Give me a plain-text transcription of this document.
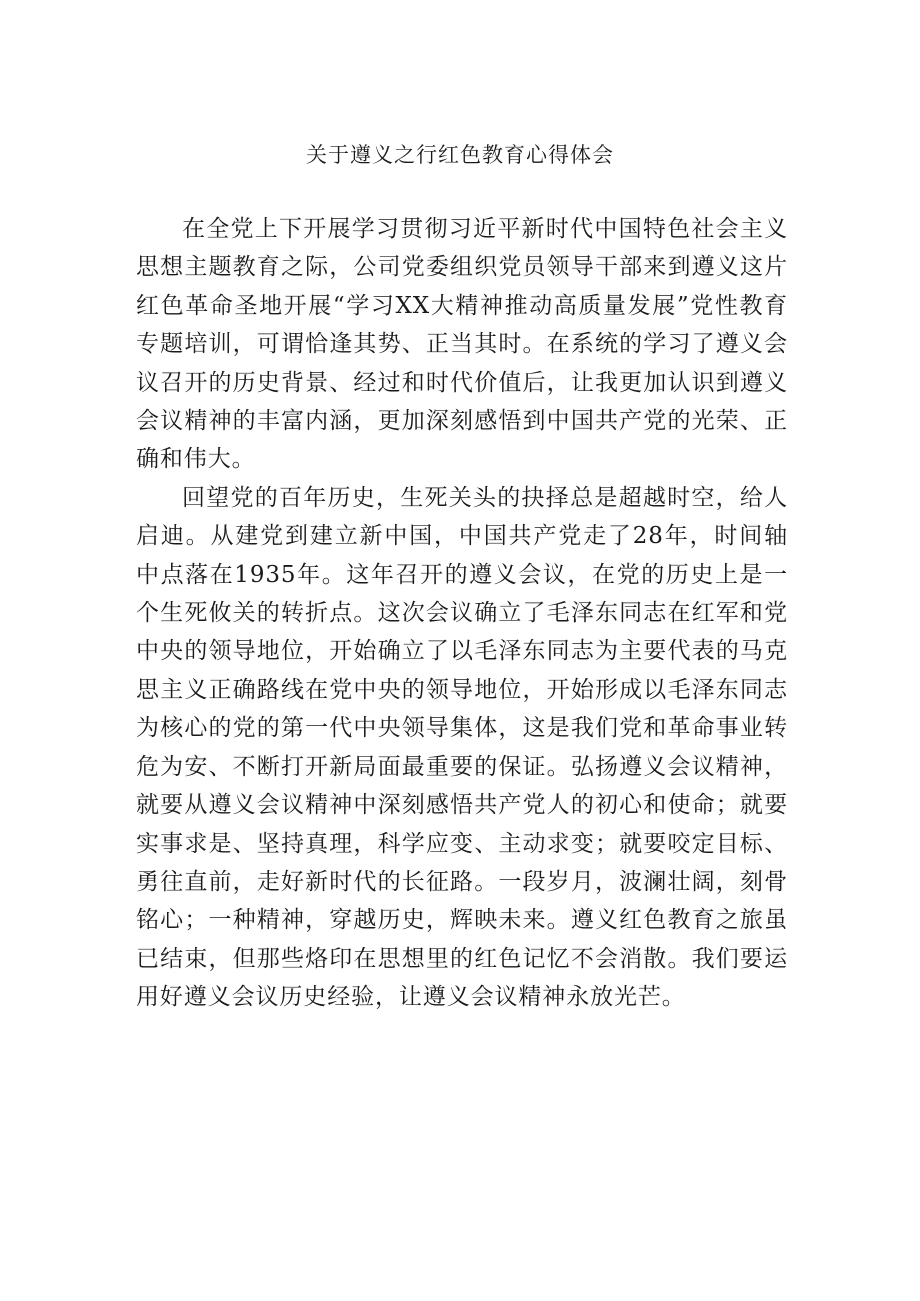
关于遵义之行红色教育心得体会

在全党上下开展学习贯彻习近平新时代中国特色社会主义思想主题教育之际，公司党委组织党员领导干部来到遵义这片红色革命圣地开展“学习XX大精神推动高质量发展”党性教育专题培训，可谓恰逢其势、正当其时。在系统的学习了遵义会议召开的历史背景、经过和时代价值后，让我更加认识到遵义会议精神的丰富内涵，更加深刻感悟到中国共产党的光荣、正确和伟大。

回望党的百年历史，生死关头的抉择总是超越时空，给人启迪。从建党到建立新中国，中国共产党走了28年，时间轴中点落在1935年。这年召开的遵义会议，在党的历史上是一个生死攸关的转折点。这次会议确立了毛泽东同志在红军和党中央的领导地位，开始确立了以毛泽东同志为主要代表的马克思主义正确路线在党中央的领导地位，开始形成以毛泽东同志为核心的党的第一代中央领导集体，这是我们党和革命事业转危为安、不断打开新局面最重要的保证。弘扬遵义会议精神，就要从遵义会议精神中深刻感悟共产党人的初心和使命；就要实事求是、坚持真理，科学应变、主动求变；就要咬定目标、勇往直前，走好新时代的长征路。一段岁月，波澜壮阔，刻骨铭心；一种精神，穿越历史，辉映未来。遵义红色教育之旅虽已结束，但那些烙印在思想里的红色记忆不会消散。我们要运用好遵义会议历史经验，让遵义会议精神永放光芒。
